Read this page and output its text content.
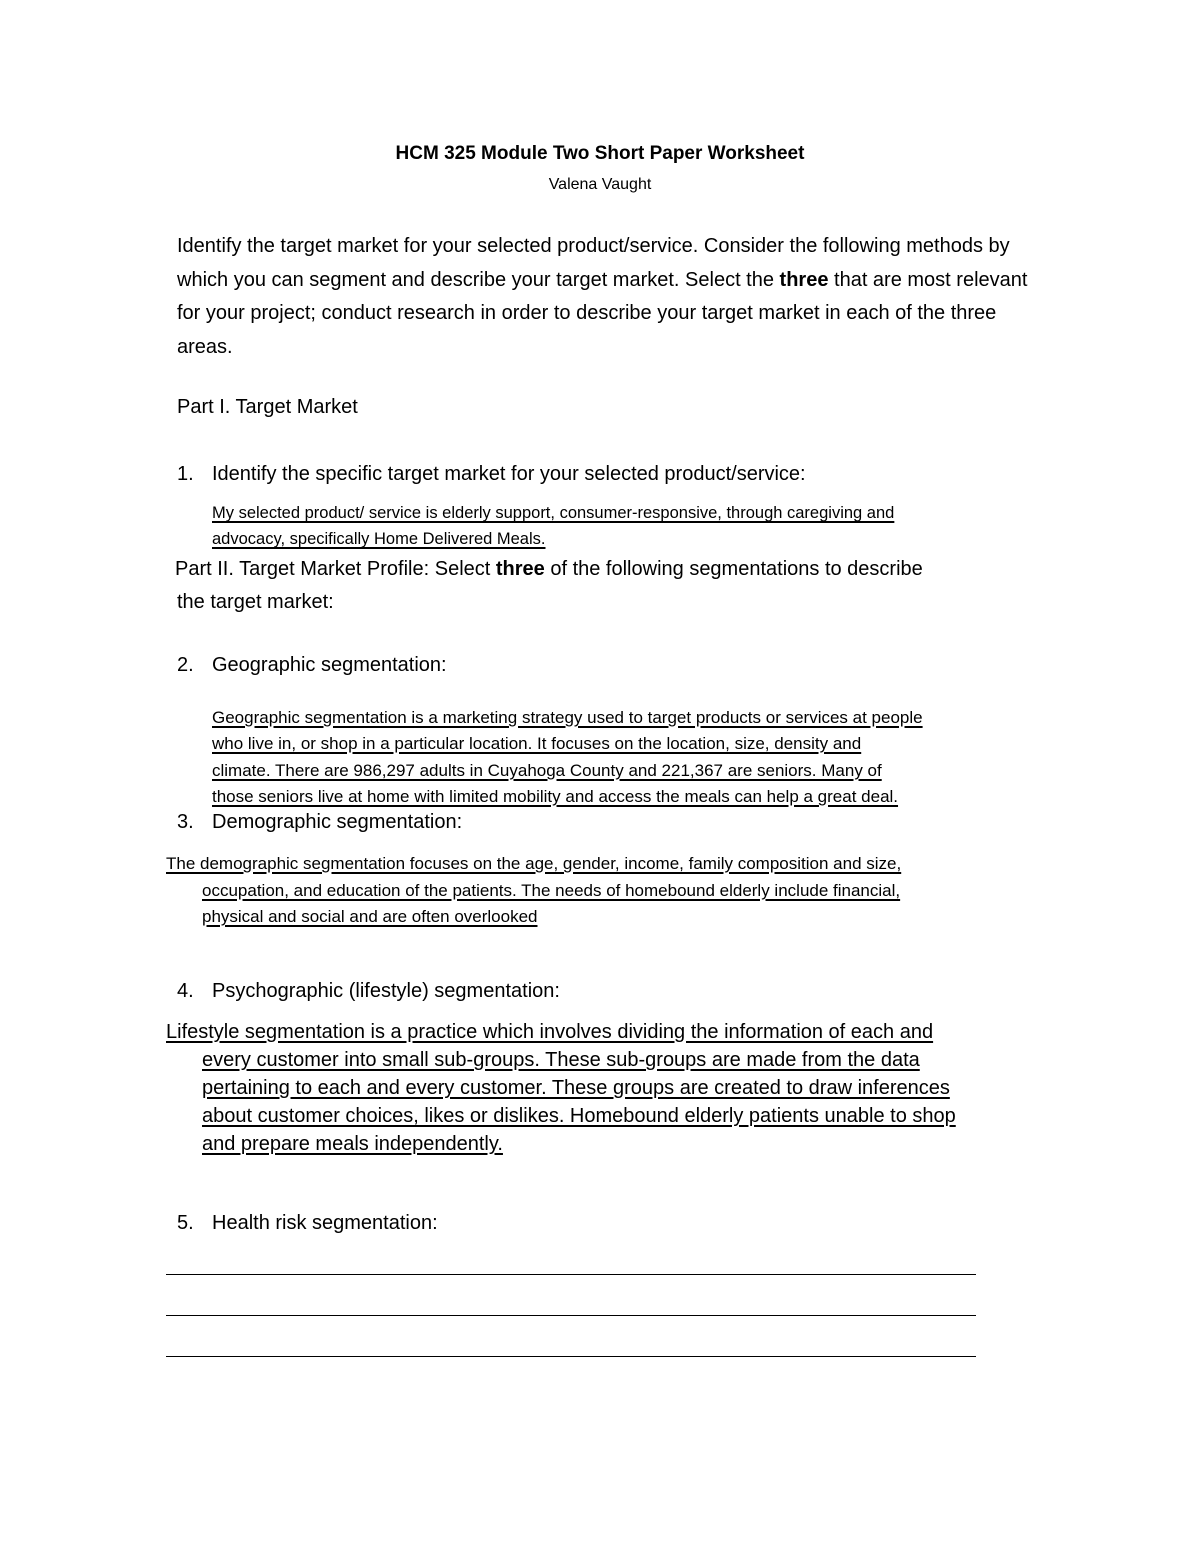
HCM 325 Module Two Short Paper Worksheet
Valena Vaught
Identify the target market for your selected product/service. Consider the following methods by which you can segment and describe your target market. Select the three that are most relevant for your project; conduct research in order to describe your target market in each of the three areas.
Part I. Target Market
1. Identify the specific target market for your selected product/service:
My selected product/ service is elderly support, consumer-responsive, through caregiving and
advocacy, specifically Home Delivered Meals.
Part II. Target Market Profile: Select three of the following segmentations to describe
the target market:
2. Geographic segmentation:
Geographic segmentation is a marketing strategy used to target products or services at people
who live in, or shop in a particular location. It focuses on the location, size, density and
climate. There are 986,297 adults in Cuyahoga County and 221,367 are seniors. Many of
those seniors live at home with limited mobility and access the meals can help a great deal.
3. Demographic segmentation:
The demographic segmentation focuses on the age, gender, income, family composition and size,
occupation, and education of the patients. The needs of homebound elderly include financial,
physical and social and are often overlooked
4. Psychographic (lifestyle) segmentation:
Lifestyle segmentation is a practice which involves dividing the information of each and
every customer into small sub-groups. These sub-groups are made from the data
pertaining to each and every customer. These groups are created to draw inferences
about customer choices, likes or dislikes. Homebound elderly patients unable to shop
and prepare meals independently.
5. Health risk segmentation:
